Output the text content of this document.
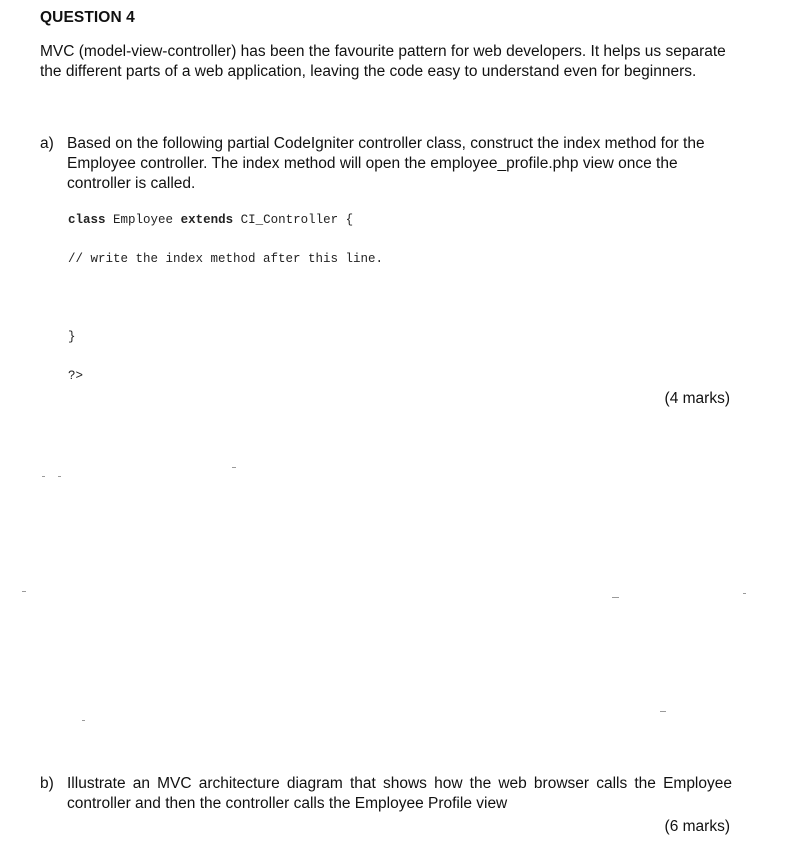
QUESTION 4
MVC (model-view-controller) has been the favourite pattern for web developers. It helps us separate the different parts of a web application, leaving the code easy to understand even for beginners.
a) Based on the following partial CodeIgniter controller class, construct the index method for the Employee controller. The index method will open the employee_profile.php view once the controller is called.
class Employee extends CI_Controller {
// write the index method after this line.
}
?>
(4 marks)
b) Illustrate an MVC architecture diagram that shows how the web browser calls the Employee controller and then the controller calls the Employee Profile view
(6 marks)
